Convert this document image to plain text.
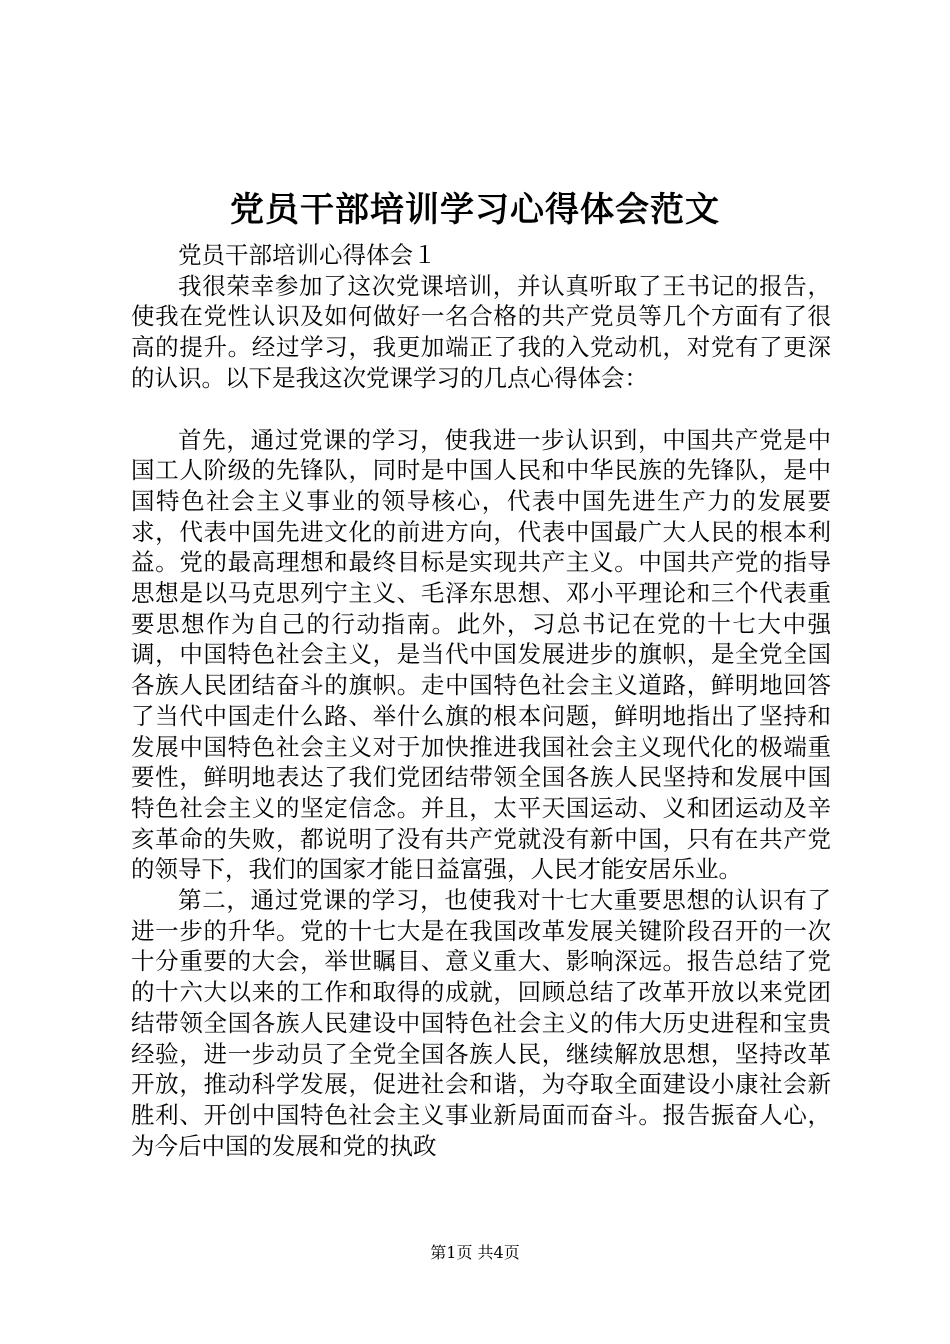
党员干部培训学习心得体会范文

党员干部培训心得体会１

我很荣幸参加了这次党课培训，并认真听取了王书记的报告，使我在党性认识及如何做好一名合格的共产党员等几个方面有了很高的提升。经过学习，我更加端正了我的入党动机，对党有了更深的认识。以下是我这次党课学习的几点心得体会：

首先，通过党课的学习，使我进一步认识到，中国共产党是中国工人阶级的先锋队，同时是中国人民和中华民族的先锋队，是中国特色社会主义事业的领导核心，代表中国先进生产力的发展要求，代表中国先进文化的前进方向，代表中国最广大人民的根本利益。党的最高理想和最终目标是实现共产主义。中国共产党的指导思想是以马克思列宁主义、毛泽东思想、邓小平理论和三个代表重要思想作为自己的行动指南。此外，习总书记在党的十七大中强调，中国特色社会主义，是当代中国发展进步的旗帜，是全党全国各族人民团结奋斗的旗帜。走中国特色社会主义道路，鲜明地回答了当代中国走什么路、举什么旗的根本问题，鲜明地指出了坚持和发展中国特色社会主义对于加快推进我国社会主义现代化的极端重要性，鲜明地表达了我们党团结带领全国各族人民坚持和发展中国特色社会主义的坚定信念。并且，太平天国运动、义和团运动及辛亥革命的失败，都说明了没有共产党就没有新中国，只有在共产党的领导下，我们的国家才能日益富强，人民才能安居乐业。

第二，通过党课的学习，也使我对十七大重要思想的认识有了进一步的升华。党的十七大是在我国改革发展关键阶段召开的一次十分重要的大会，举世瞩目、意义重大、影响深远。报告总结了党的十六大以来的工作和取得的成就，回顾总结了改革开放以来党团结带领全国各族人民建设中国特色社会主义的伟大历史进程和宝贵经验，进一步动员了全党全国各族人民，继续解放思想，坚持改革开放，推动科学发展，促进社会和谐，为夺取全面建设小康社会新胜利、开创中国特色社会主义事业新局面而奋斗。报告振奋人心，为今后中国的发展和党的执政

第1页 共4页
